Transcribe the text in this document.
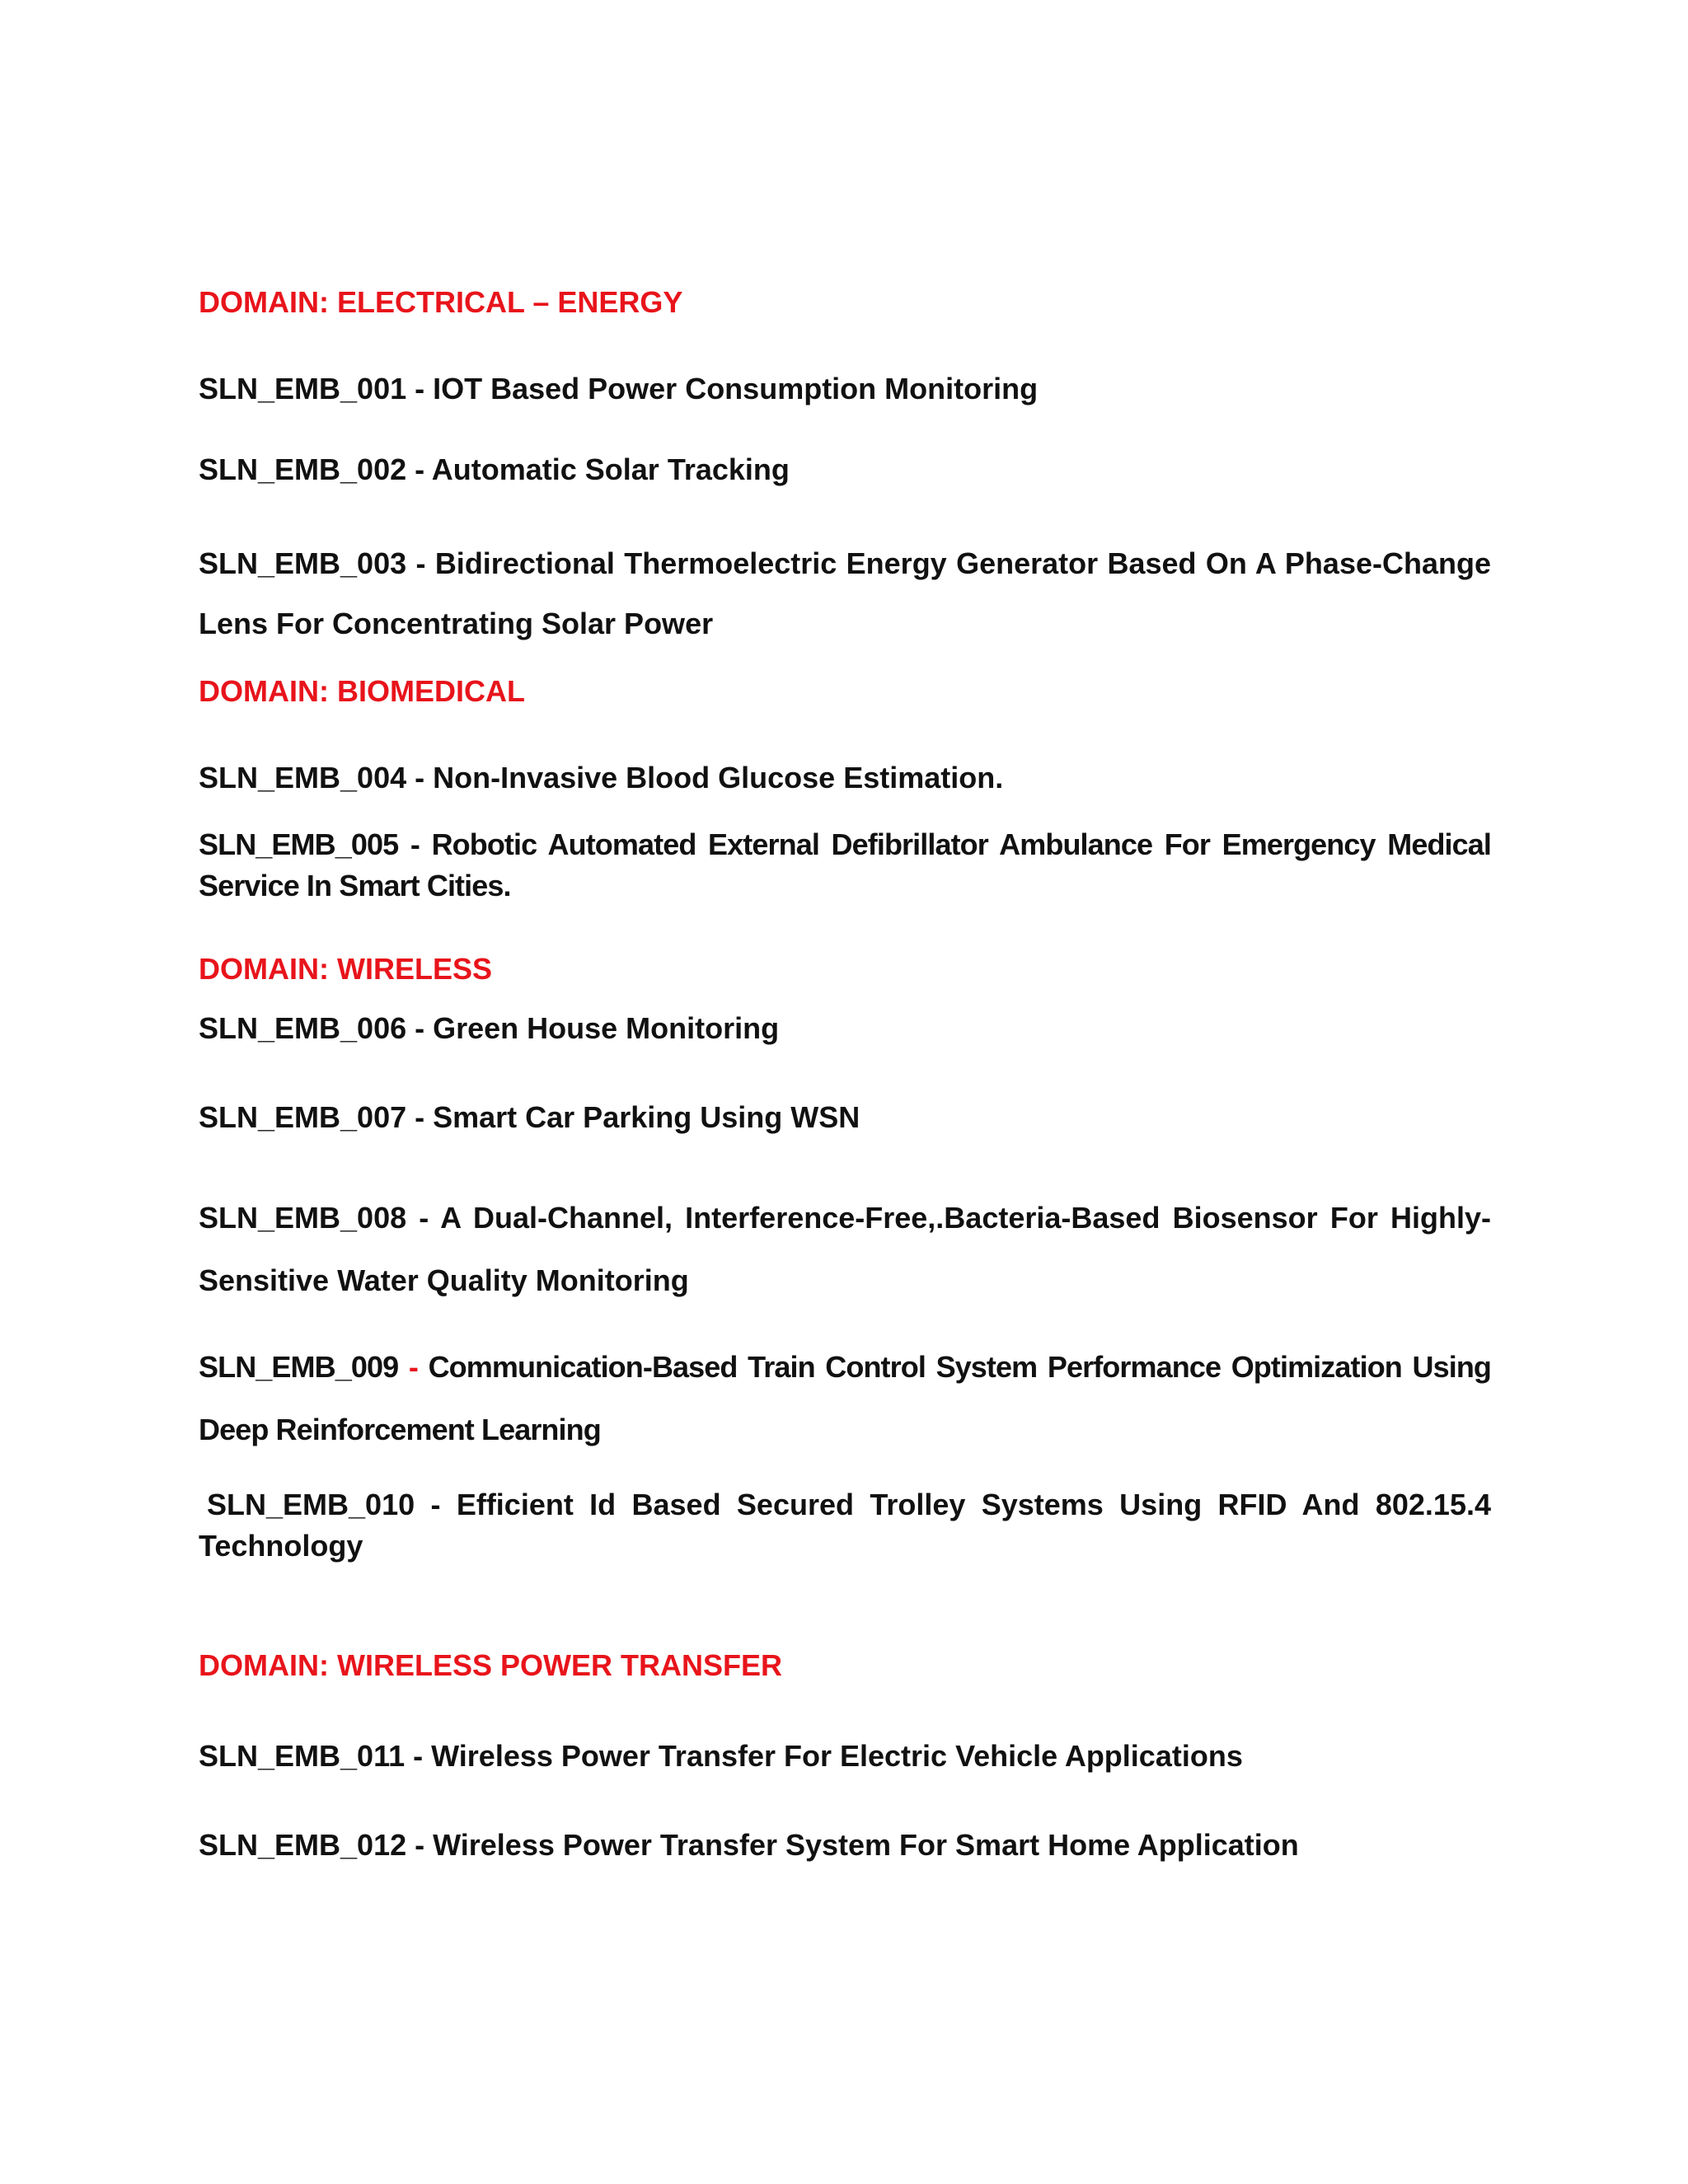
DOMAIN: ELECTRICAL – ENERGY
SLN_EMB_001 - IOT Based Power Consumption Monitoring
SLN_EMB_002 - Automatic Solar Tracking
SLN_EMB_003 - Bidirectional Thermoelectric Energy Generator Based On A Phase-Change Lens For Concentrating Solar Power
DOMAIN: BIOMEDICAL
SLN_EMB_004 - Non-Invasive Blood Glucose Estimation.
SLN_EMB_005 - Robotic Automated External Defibrillator Ambulance For Emergency Medical Service In Smart Cities.
DOMAIN: WIRELESS
SLN_EMB_006 - Green House Monitoring
SLN_EMB_007 - Smart Car Parking Using WSN
SLN_EMB_008 - A Dual-Channel, Interference-Free,.Bacteria-Based Biosensor For Highly-Sensitive Water Quality Monitoring
SLN_EMB_009 - Communication-Based Train Control System Performance Optimization Using Deep Reinforcement Learning
SLN_EMB_010 - Efficient Id Based Secured Trolley Systems Using RFID And 802.15.4 Technology
DOMAIN: WIRELESS POWER TRANSFER
SLN_EMB_011 - Wireless Power Transfer For Electric Vehicle Applications
SLN_EMB_012 - Wireless Power Transfer System For Smart Home Application
